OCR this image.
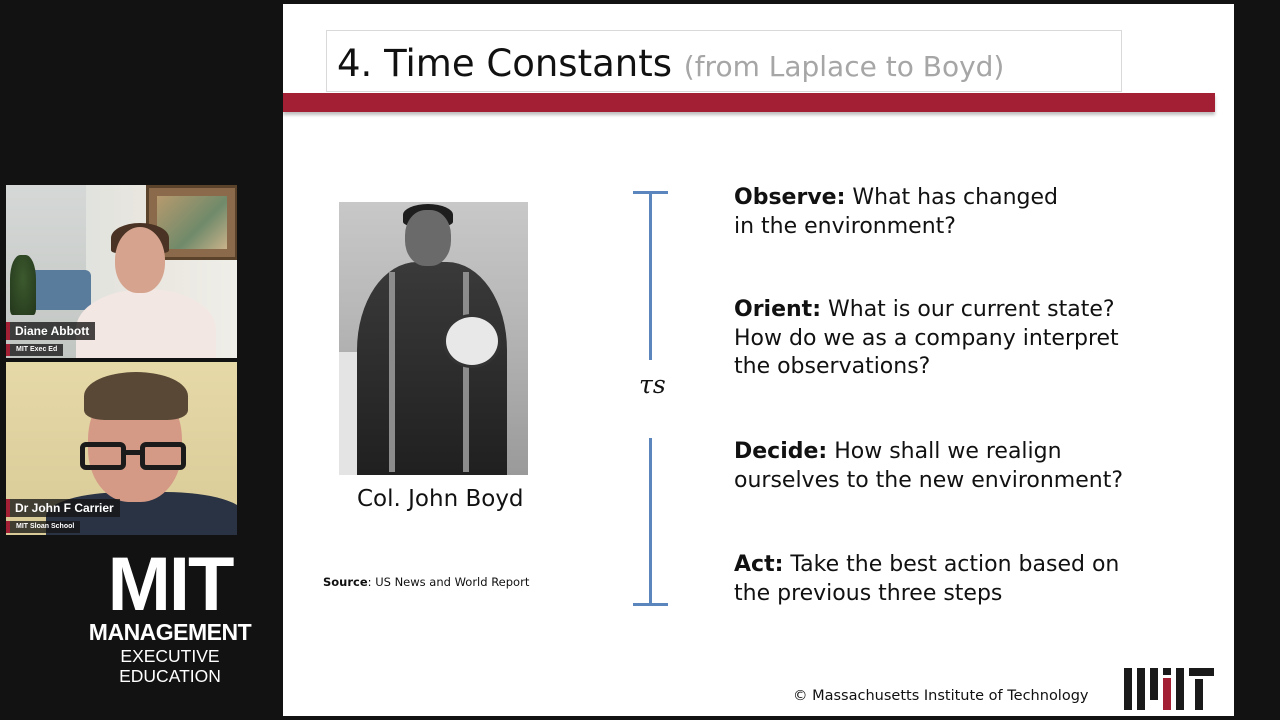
Diane Abbott
MIT Exec Ed
Dr John F Carrier
MIT Sloan School
MIT
MANAGEMENT
EXECUTIVE EDUCATION
4. Time Constants (from Laplace to Boyd)
Col. John Boyd
Source: US News and World Report
τs
Observe: What has changed
in the environment?
Orient: What is our current state?
How do we as a company interpret
the observations?
Decide: How shall we realign
ourselves to the new environment?
Act: Take the best action based on
the previous three steps
© Massachusetts Institute of Technology
